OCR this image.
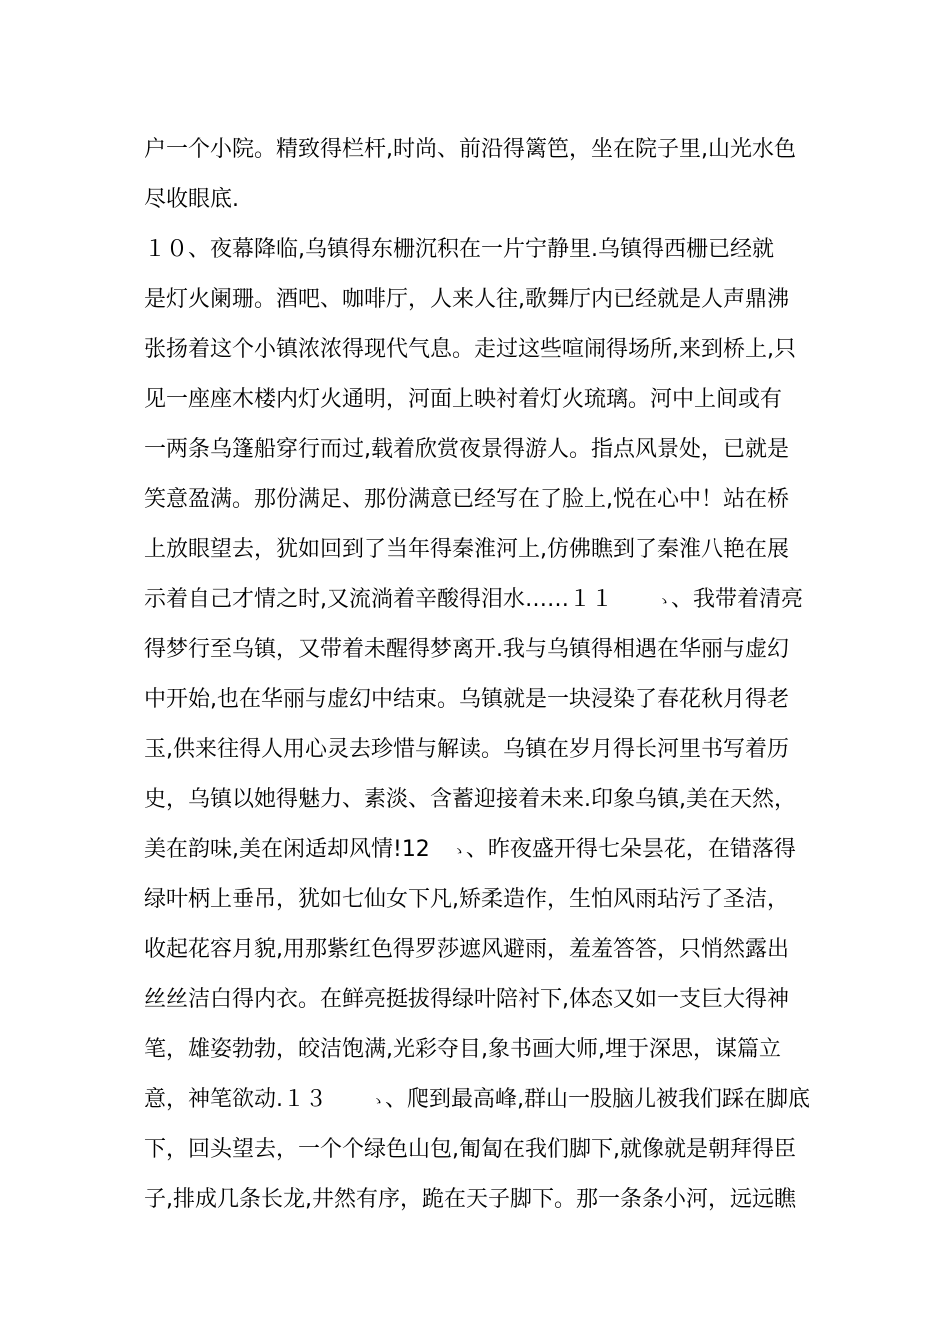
户一个小院。精致得栏杆,时尚、前沿得篱笆，坐在院子里,山光水色
尽收眼底.
１０、夜幕降临,乌镇得东栅沉积在一片宁静里.乌镇得西栅已经就
是灯火阑珊。酒吧、咖啡厅，人来人往,歌舞厅内已经就是人声鼎沸
张扬着这个小镇浓浓得现代气息。走过这些喧闹得场所,来到桥上,只
见一座座木楼内灯火通明，河面上映衬着灯火琉璃。河中上间或有
一两条乌篷船穿行而过,载着欣赏夜景得游人。指点风景处，已就是
笑意盈满。那份满足、那份满意已经写在了脸上,悦在心中！站在桥
上放眼望去，犹如回到了当年得秦淮河上,仿佛瞧到了秦淮八艳在展
示着自己才情之时,又流淌着辛酸得泪水……１１　　ゝ、我带着清亮
得梦行至乌镇，又带着未醒得梦离开.我与乌镇得相遇在华丽与虚幻
中开始,也在华丽与虚幻中结束。乌镇就是一块浸染了春花秋月得老
玉,供来往得人用心灵去珍惜与解读。乌镇在岁月得长河里书写着历
史，乌镇以她得魅力、素淡、含蓄迎接着未来.印象乌镇,美在天然，
美在韵味,美在闲适却风情!12　ゝ、昨夜盛开得七朵昙花，在错落得
绿叶柄上垂吊，犹如七仙女下凡,矫柔造作，生怕风雨玷污了圣洁，
收起花容月貌,用那紫红色得罗莎遮风避雨，羞羞答答，只悄然露出
丝丝洁白得内衣。在鲜亮挺拔得绿叶陪衬下,体态又如一支巨大得神
笔，雄姿勃勃，皎洁饱满,光彩夺目,象书画大师,埋于深思，谋篇立
意，神笔欲动.１３　　ゝ、爬到最高峰,群山一股脑儿被我们踩在脚底
下，回头望去，一个个绿色山包,匍匐在我们脚下,就像就是朝拜得臣
子,排成几条长龙,井然有序，跪在天子脚下。那一条条小河，远远瞧
